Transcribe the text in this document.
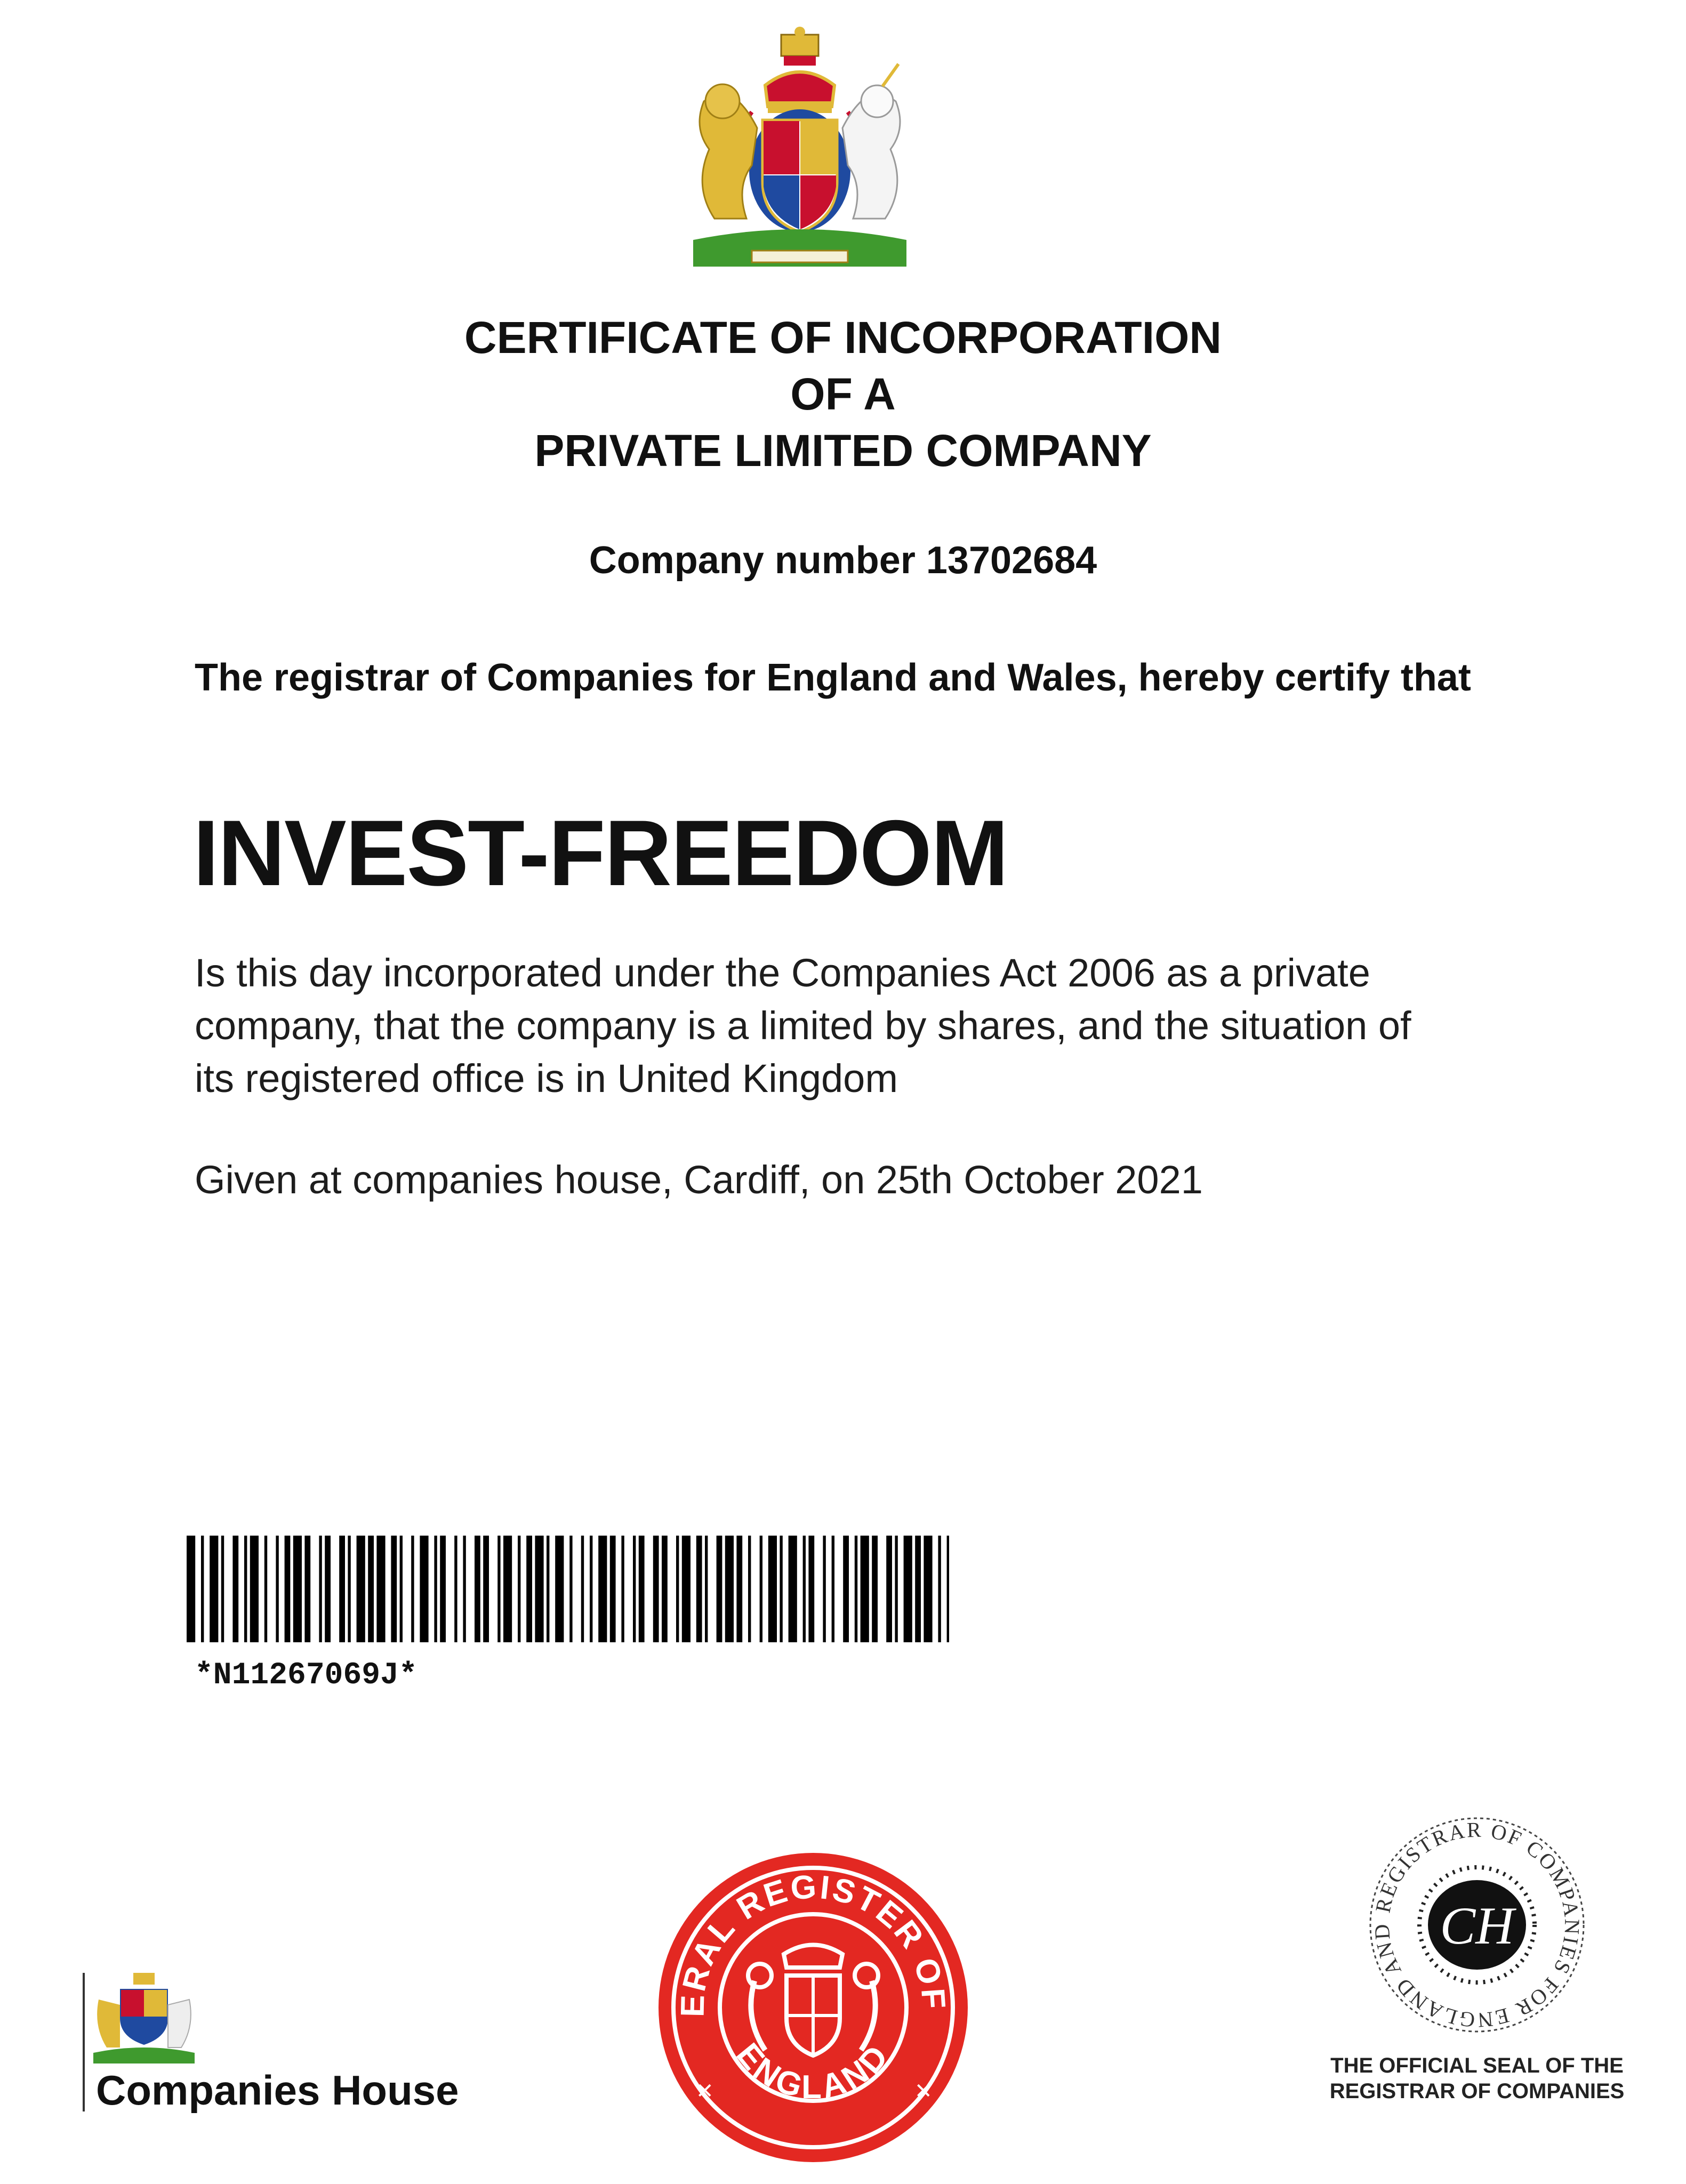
CERTIFICATE OF INCORPORATION
OF A
PRIVATE LIMITED COMPANY
Company number 13702684
The registrar of Companies for England and Wales, hereby certify that
INVEST-FREEDOM
Is this day incorporated under the Companies Act 2006 as a private
company, that the company is a limited by shares, and the situation of
its registered office is in United Kingdom
Given at companies house, Cardiff, on 25th October 2021
*N11267069J*
Companies House
ERAL REGISTER OF
ENGLAND
✕	✕
REGISTRAR OF COMPANIES FOR ENGLAND AND CH
THE OFFICIAL SEAL OF THE
REGISTRAR OF COMPANIES
